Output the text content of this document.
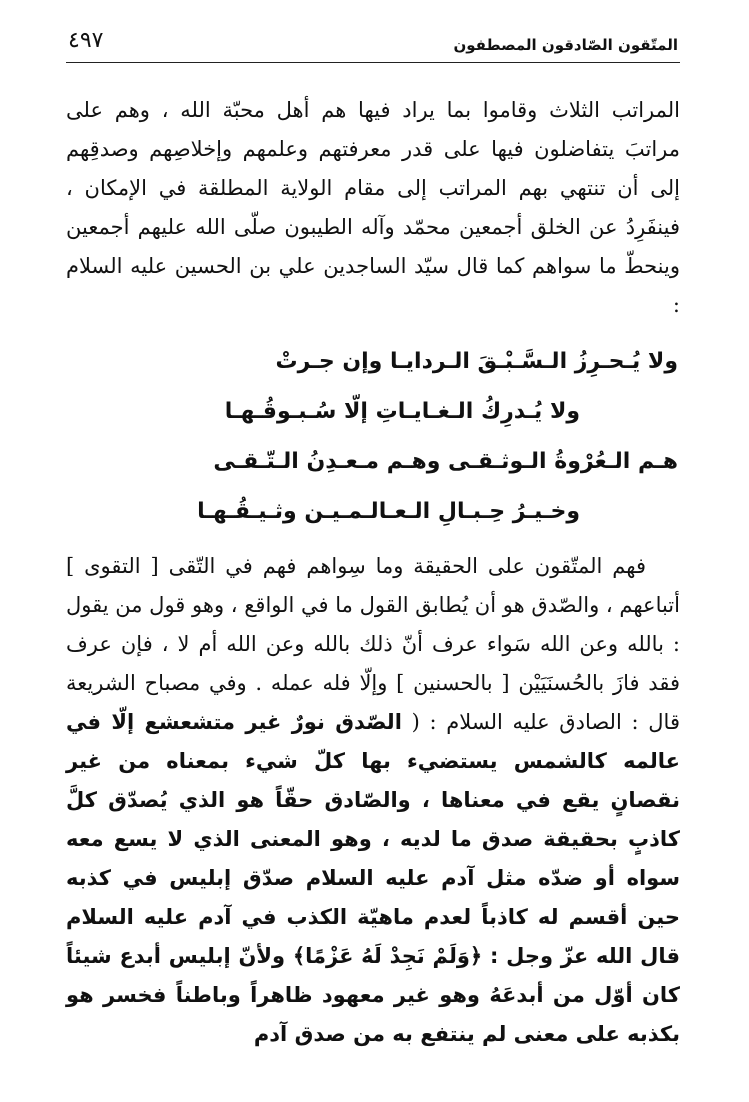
المتّقون الصّادقون المصطفون
٤٩٧

المراتب الثلاث وقاموا بما يراد فيها هم أهل محبّة الله ، وهم على مراتبَ يتفاضلون فيها على قدر معرفتهم وعلمهم وإخلاصِهم وصدقِهم إلى أن تنتهي بهم المراتب إلى مقام الولاية المطلقة في الإمكان ، فينفَرِدُ عن الخلق أجمعين محمّد وآله الطيبون صلّى الله عليهم أجمعين وينحطّ ما سواهم كما قال سيّد الساجدين علي بن الحسين عليه السلام :

ولا يُـحـرِزُ الـسَّـبْـقَ الـردايـا وإن جـرتْ
ولا يُـدرِكُ الـغـايـاتِ إلّا سُـبـوقُـهـا
هـم الـعُرْوةُ الـوثـقـى وهـم مـعـدِنُ الـتّـقـى
وخـيـرُ حِـبـالِ الـعـالـمـيـن وثـيـقُـهـا

فهم المتّقون على الحقيقة وما سِواهم فهم في التّقى [ التقوى ] أتباعهم ، والصّدق هو أن يُطابق القول ما في الواقع ، وهو قول من يقول : بالله وعن الله سَواء عرف أنّ ذلك بالله وعن الله أم لا ، فإن عرف فقد فازَ بالحُسنَيَيْن [ بالحسنين ] وإلّا فله عمله . وفي مصباح الشريعة قال : الصادق عليه السلام : ( الصّدق نورٌ غير متشعشع إلّا في عالمه كالشمس يستضيء بها كلّ شيء بمعناه من غير نقصانٍ يقع في معناها ، والصّادق حقّاً هو الذي يُصدّق كلَّ كاذبٍ بحقيقة صدق ما لديه ، وهو المعنى الذي لا يسع معه سواه أو ضدّه مثل آدم عليه السلام صدّق إبليس في كذبه حين أقسم له كاذباً لعدم ماهيّة الكذب في آدم عليه السلام قال الله عزّ وجل : ﴿وَلَمْ نَجِدْ لَهُ عَزْمًا﴾ ولأنّ إبليس أبدع شيئاً كان أوّل من أبدعَهُ وهو غير معهود ظاهراً وباطناً فخسر هو بكذبه على معنى لم ينتفع به من صدق آدم
